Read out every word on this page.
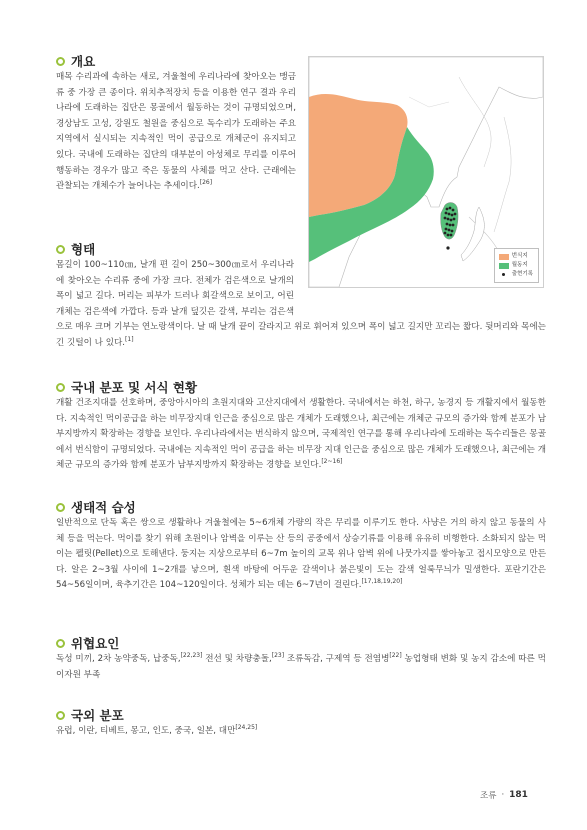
개요

매목 수리과에 속하는 새로, 겨울철에 우리나라에 찾아오는 맹금류 중 가장 큰 종이다. 위치추적장치 등을 이용한 연구 결과 우리나라에 도래하는 집단은 몽골에서 월동하는 것이 규명되었으며, 경상남도 고성, 강원도 철원을 중심으로 독수리가 도래하는 주요지역에서 실시되는 지속적인 먹이 공급으로 개체군이 유지되고 있다. 국내에 도래하는 집단의 대부분이 아성체로 무리를 이루어 행동하는 경우가 많고 죽은 동물의 사체를 먹고 산다. 근래에는 관찰되는 개체수가 늘어나는 추세이다.[26]

번식지
월동지
출현기록
형태

몸길이 100~110㎝, 날개 편 길이 250~300㎝로서 우리나라에 찾아오는 수리류 중에 가장 크다. 전체가 검은색으로 날개의 폭이 넓고 길다. 머리는 피부가 드러나 회갈색으로 보이고, 어린 개체는 검은색에 가깝다. 등과 날개 덮깃은 갈색, 부리는 검은색으로 매우 크며 기부는 연노랑색이다. 날 때 날개 끝이 갈라지고 위로 휘어져 있으며 폭이 넓고 길지만 꼬리는 짧다. 뒷머리와 목에는 긴 깃털이 나 있다.[1]

국내 분포 및 서식 현황

개활 건조지대를 선호하며, 중앙아시아의 초원지대와 고산지대에서 생활한다. 국내에서는 하천, 하구, 농경지 등 개활지에서 월동한다. 지속적인 먹이공급을 하는 비무장지대 인근을 중심으로 많은 개체가 도래했으나, 최근에는 개체군 규모의 증가와 함께 분포가 남부지방까지 확장하는 경향을 보인다. 우리나라에서는 번식하지 않으며, 국제적인 연구를 통해 우리나라에 도래하는 독수리들은 몽골에서 번식함이 규명되었다. 국내에는 지속적인 먹이 공급을 하는 비무장 지대 인근을 중심으로 많은 개체가 도래했으나, 최근에는 개체군 규모의 증가와 함께 분포가 남부지방까지 확장하는 경향을 보인다.[2~16]

생태적 습성

일반적으로 단독 혹은 쌍으로 생활하나 겨울철에는 5~6개체 가량의 작은 무리를 이루기도 한다. 사냥은 거의 하지 않고 동물의 사체 등을 먹는다. 먹이를 찾기 위해 초원이나 암벽을 이루는 산 등의 공중에서 상승기류를 이용해 유유히 비행한다. 소화되지 않는 먹이는 펠릿(Pellet)으로 토해낸다. 둥지는 지상으로부터 6~7m 높이의 교목 위나 암벽 위에 나뭇가지를 쌓아놓고 접시모양으로 만든다. 알은 2~3월 사이에 1~2개를 낳으며, 흰색 바탕에 어두운 갈색이나 붉은빛이 도는 갈색 얼룩무늬가 밀생한다. 포란기간은 54~56일이며, 육추기간은 104~120일이다. 성체가 되는 데는 6~7년이 걸린다.[17,18,19,20]

위협요인

독성 미끼, 2차 농약중독, 납중독,[22,23] 전선 및 차량충돌,[23] 조류독감, 구제역 등 전염병[22] 농업형태 변화 및 농지 감소에 따른 먹이자원 부족

국외 분포

유럽, 이란, 티베트, 몽고, 인도, 중국, 일본, 대만[24,25]

조류 · 181
